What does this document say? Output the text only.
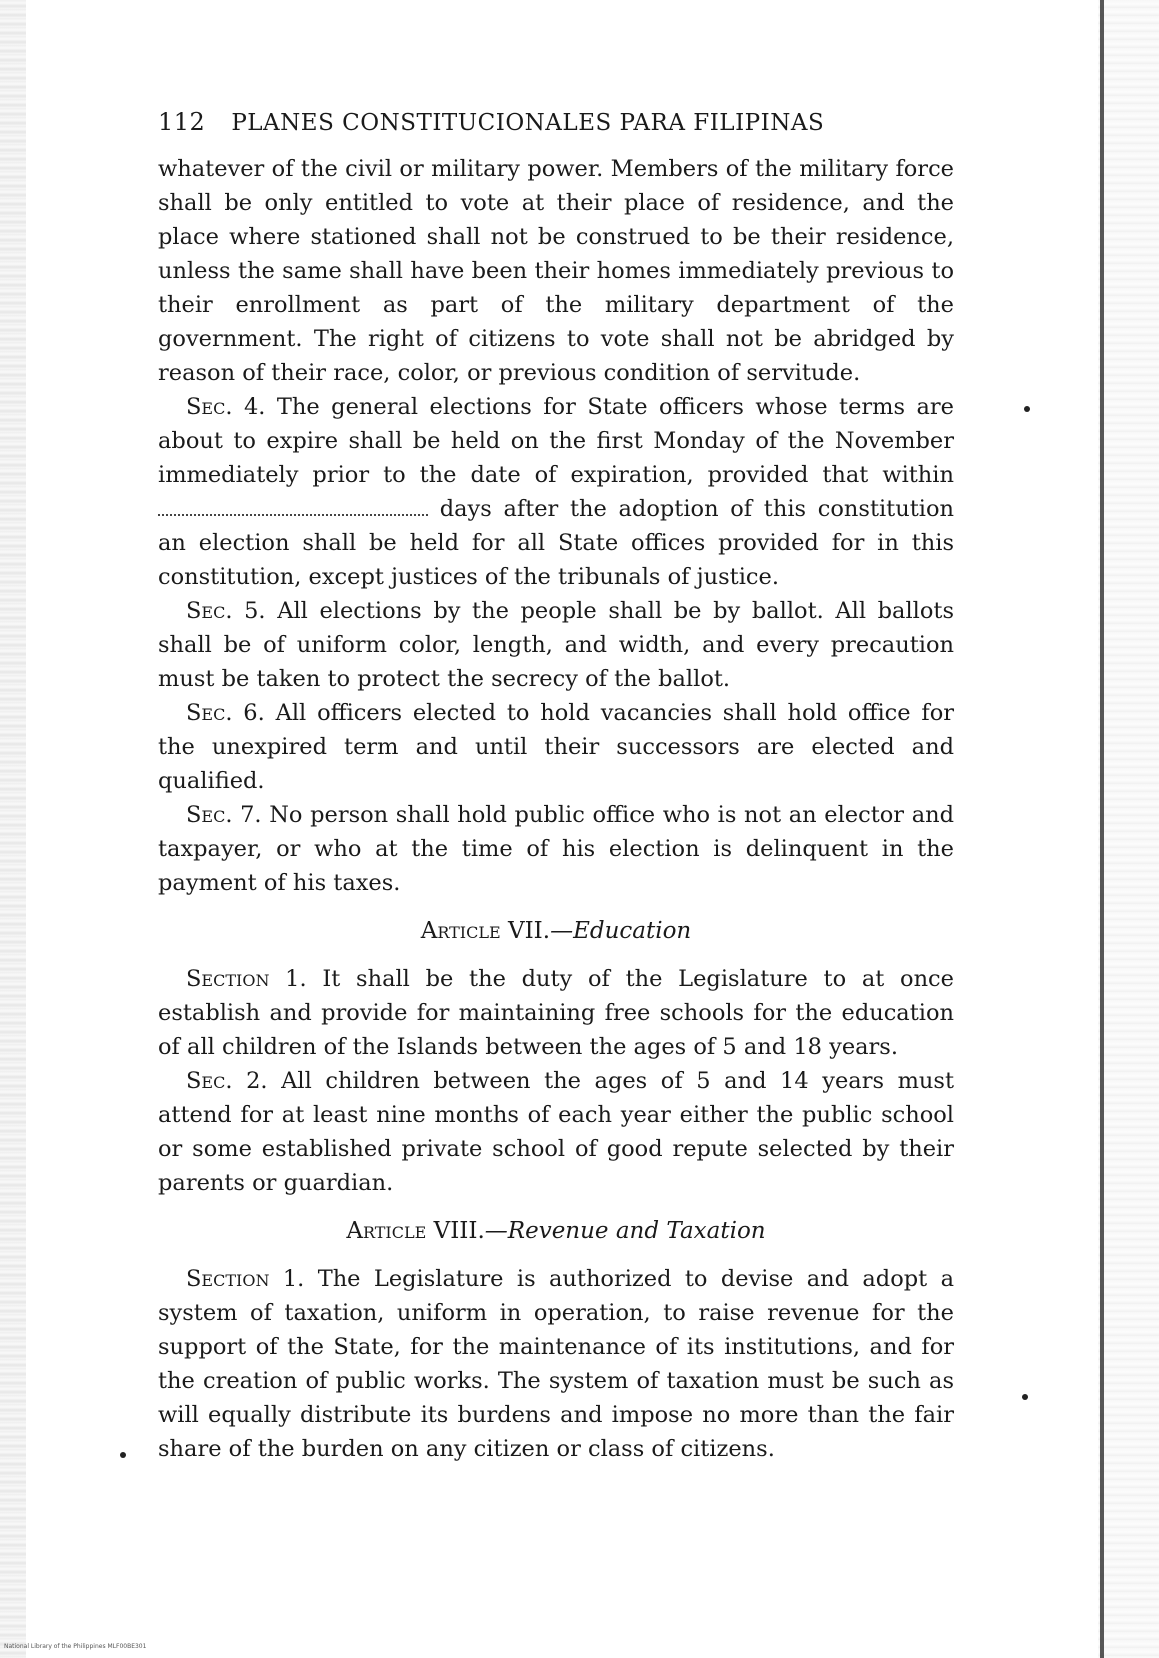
112 PLANES CONSTITUCIONALES PARA FILIPINAS

whatever of the civil or military power. Members of the military force shall be only entitled to vote at their place of residence, and the place where stationed shall not be construed to be their residence, unless the same shall have been their homes immediately previous to their enrollment as part of the military department of the government. The right of citizens to vote shall not be abridged by reason of their race, color, or previous condition of servitude.

Sec. 4. The general elections for State officers whose terms are about to expire shall be held on the first Monday of the November immediately prior to the date of expiration, provided that within  days after the adoption of this constitution an election shall be held for all State offices provided for in this constitution, except justices of the tribunals of justice.

Sec. 5. All elections by the people shall be by ballot. All ballots shall be of uniform color, length, and width, and every precaution must be taken to protect the secrecy of the ballot.

Sec. 6. All officers elected to hold vacancies shall hold office for the unexpired term and until their successors are elected and qualified.

Sec. 7. No person shall hold public office who is not an elector and taxpayer, or who at the time of his election is delinquent in the payment of his taxes.

Article VII.—Education

Section 1. It shall be the duty of the Legislature to at once establish and provide for maintaining free schools for the education of all children of the Islands between the ages of 5 and 18 years.

Sec. 2. All children between the ages of 5 and 14 years must attend for at least nine months of each year either the public school or some established private school of good repute selected by their parents or guardian.

Article VIII.—Revenue and Taxation

Section 1. The Legislature is authorized to devise and adopt a system of taxation, uniform in operation, to raise revenue for the support of the State, for the maintenance of its institutions, and for the creation of public works. The system of taxation must be such as will equally distribute its burdens and impose no more than the fair share of the burden on any citizen or class of citizens.

National Library of the Philippines MLF00BE301
